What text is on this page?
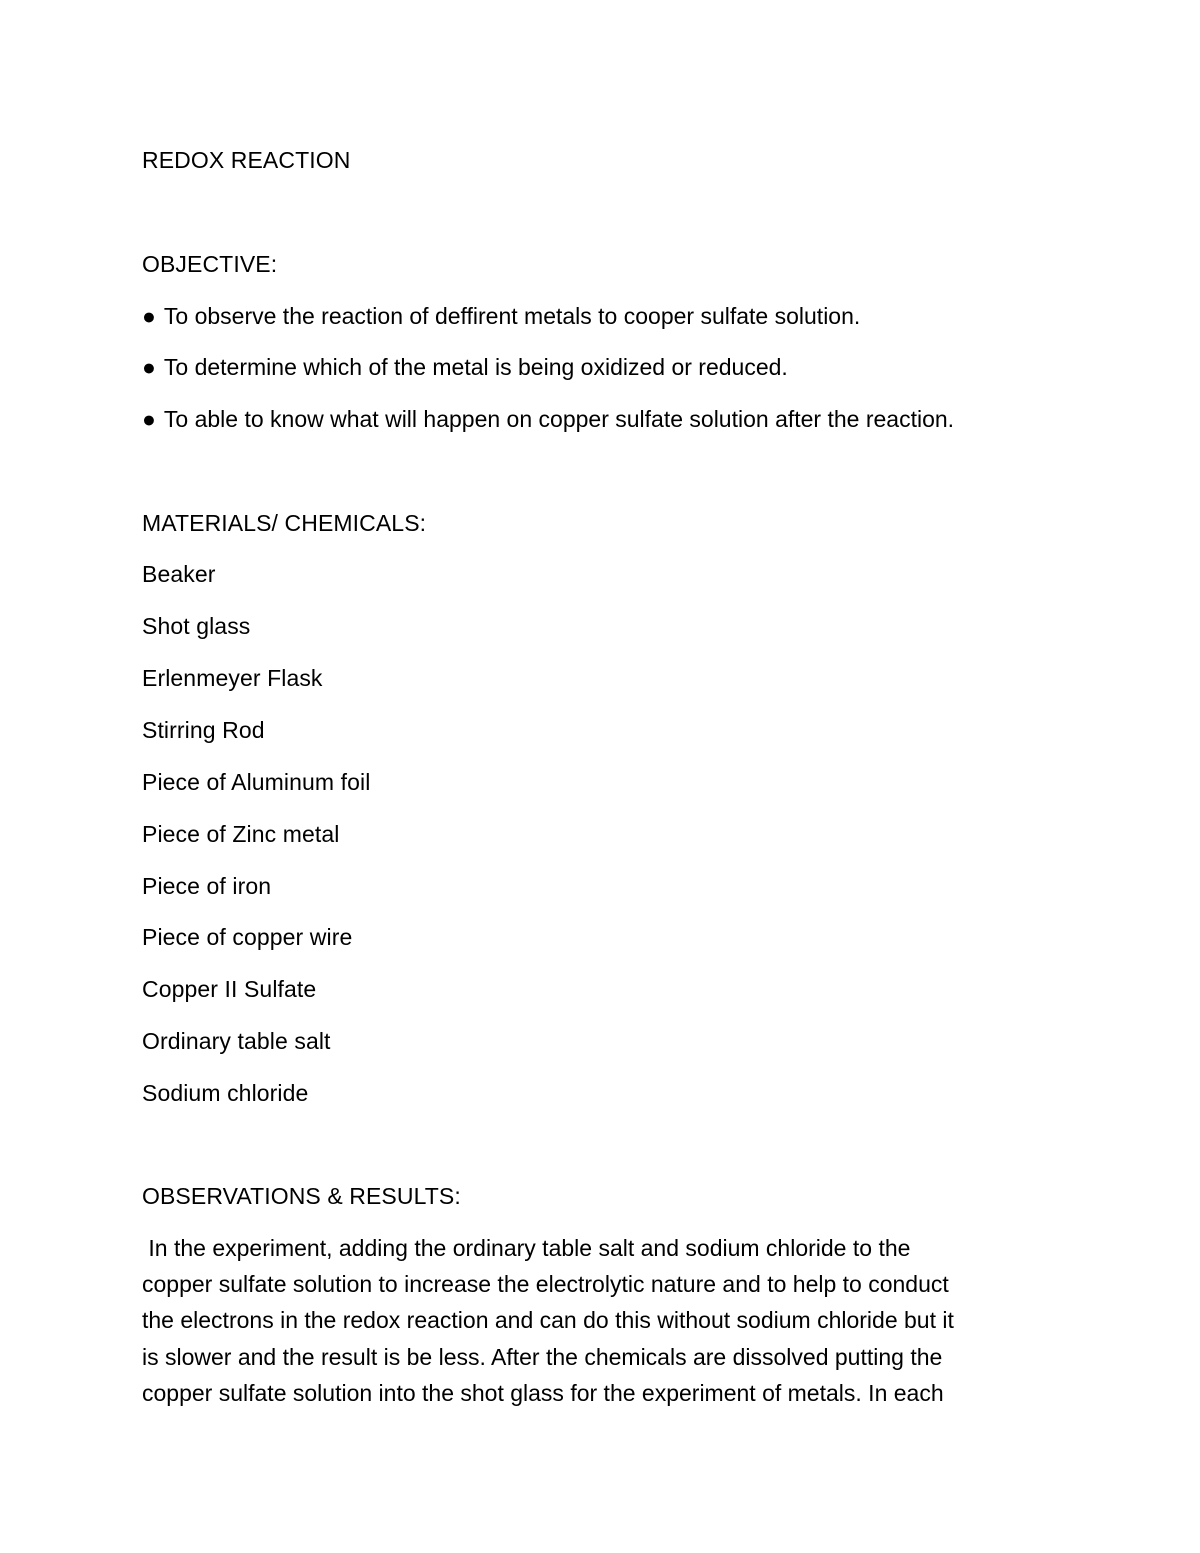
REDOX REACTION
OBJECTIVE:
● To observe the reaction of deffirent metals to cooper sulfate solution.
● To determine which of the metal is being oxidized or reduced.
● To able to know what will happen on copper sulfate solution after the reaction.
MATERIALS/ CHEMICALS:
Beaker
Shot glass
Erlenmeyer Flask
Stirring Rod
Piece of Aluminum foil
Piece of Zinc metal
Piece of iron
Piece of copper wire
Copper II Sulfate
Ordinary table salt
Sodium chloride
OBSERVATIONS & RESULTS:
In the experiment, adding the ordinary table salt and sodium chloride to the
copper sulfate solution to increase the electrolytic nature and to help to conduct
the electrons in the redox reaction and can do this without sodium chloride but it
is slower and the result is be less. After the chemicals are dissolved putting the
copper sulfate solution into the shot glass for the experiment of metals. In each
